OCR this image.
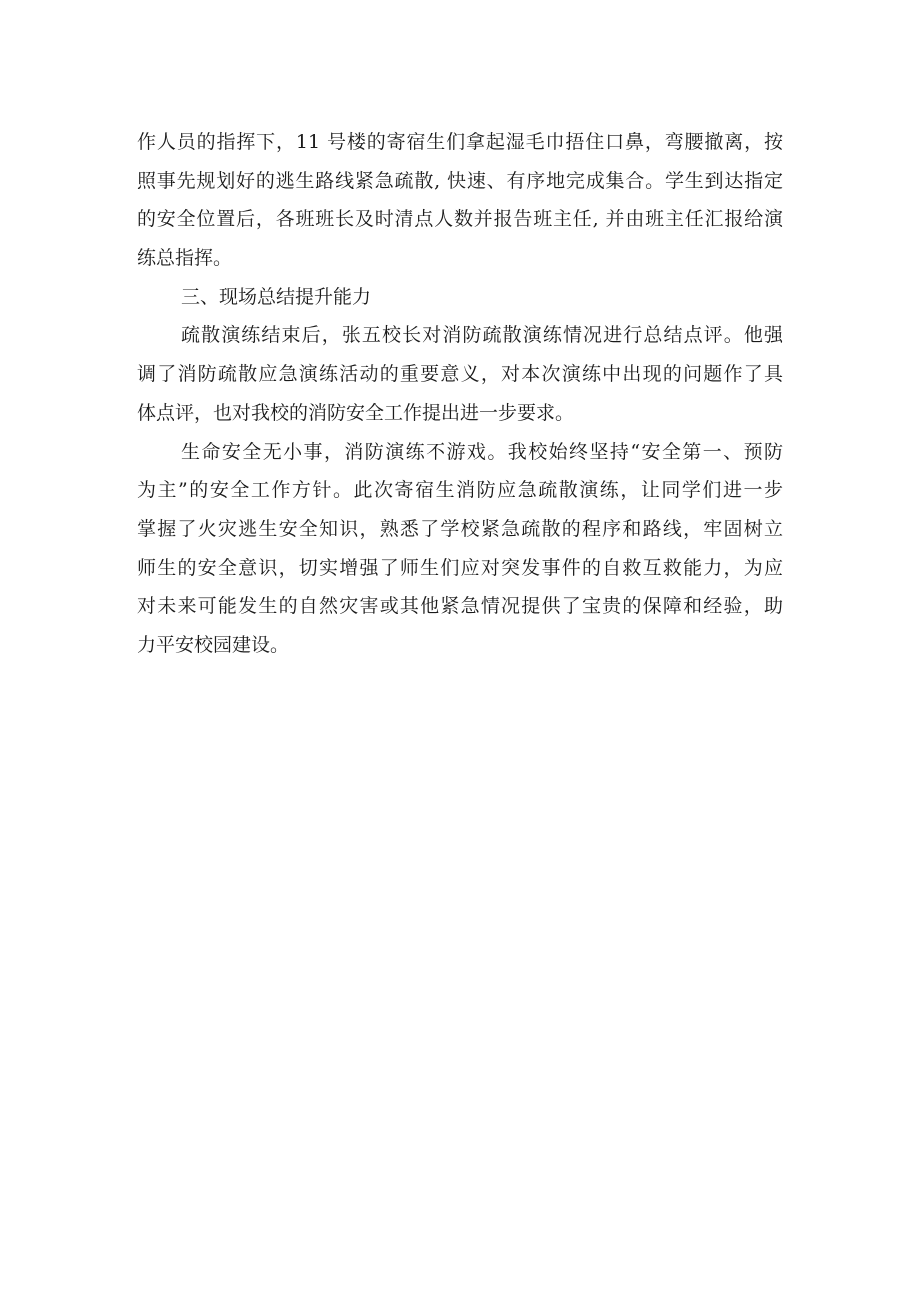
作人员的指挥下，11 号楼的寄宿生们拿起湿毛巾捂住口鼻，弯腰撤离，按
照事先规划好的逃生路线紧急疏散, 快速、有序地完成集合。学生到达指定
的安全位置后，各班班长及时清点人数并报告班主任, 并由班主任汇报给演
练总指挥。
三、现场总结提升能力
疏散演练结束后，张五校长对消防疏散演练情况进行总结点评。他强
调了消防疏散应急演练活动的重要意义，对本次演练中出现的问题作了具
体点评，也对我校的消防安全工作提出进一步要求。
生命安全无小事，消防演练不游戏。我校始终坚持“安全第一、预防
为主”的安全工作方针。此次寄宿生消防应急疏散演练，让同学们进一步
掌握了火灾逃生安全知识，熟悉了学校紧急疏散的程序和路线，牢固树立
师生的安全意识，切实增强了师生们应对突发事件的自救互救能力，为应
对未来可能发生的自然灾害或其他紧急情况提供了宝贵的保障和经验，助
力平安校园建设。
